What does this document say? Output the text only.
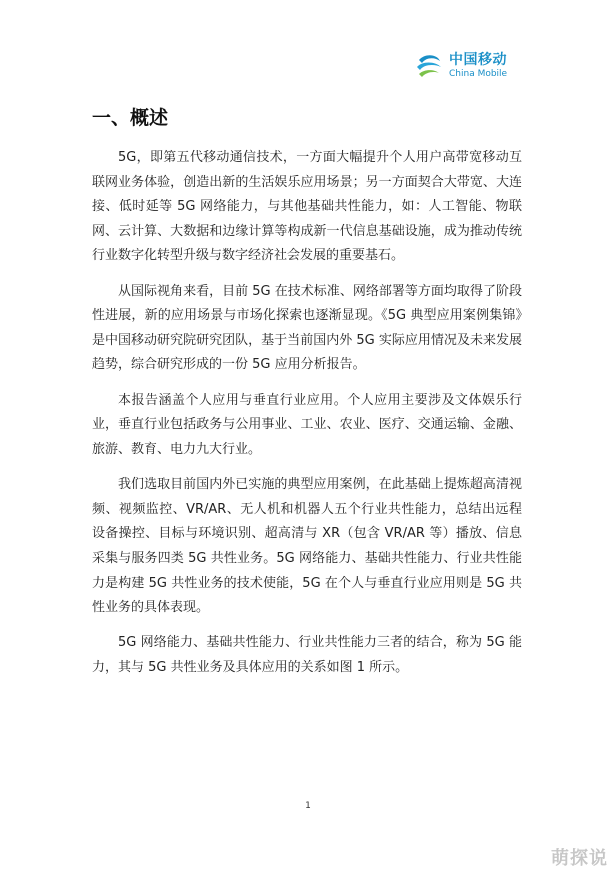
中国移动
China Mobile
一、概述

5G，即第五代移动通信技术，一方面大幅提升个人用户高带宽移动互联网业务体验，创造出新的生活娱乐应用场景；另一方面契合大带宽、大连接、低时延等 5G 网络能力，与其他基础共性能力，如：人工智能、物联网、云计算、大数据和边缘计算等构成新一代信息基础设施，成为推动传统行业数字化转型升级与数字经济社会发展的重要基石。

从国际视角来看，目前 5G 在技术标准、网络部署等方面均取得了阶段性进展，新的应用场景与市场化探索也逐渐显现。《5G 典型应用案例集锦》是中国移动研究院研究团队，基于当前国内外 5G 实际应用情况及未来发展趋势，综合研究形成的一份 5G 应用分析报告。

本报告涵盖个人应用与垂直行业应用。个人应用主要涉及文体娱乐行业，垂直行业包括政务与公用事业、工业、农业、医疗、交通运输、金融、旅游、教育、电力九大行业。

我们选取目前国内外已实施的典型应用案例，在此基础上提炼超高清视频、视频监控、VR/AR、无人机和机器人五个行业共性能力，总结出远程设备操控、目标与环境识别、超高清与 XR（包含 VR/AR 等）播放、信息采集与服务四类 5G 共性业务。5G 网络能力、基础共性能力、行业共性能力是构建 5G 共性业务的技术使能，5G 在个人与垂直行业应用则是 5G 共性业务的具体表现。

5G 网络能力、基础共性能力、行业共性能力三者的结合，称为 5G 能力，其与 5G 共性业务及具体应用的关系如图 1 所示。

1
萌探说
